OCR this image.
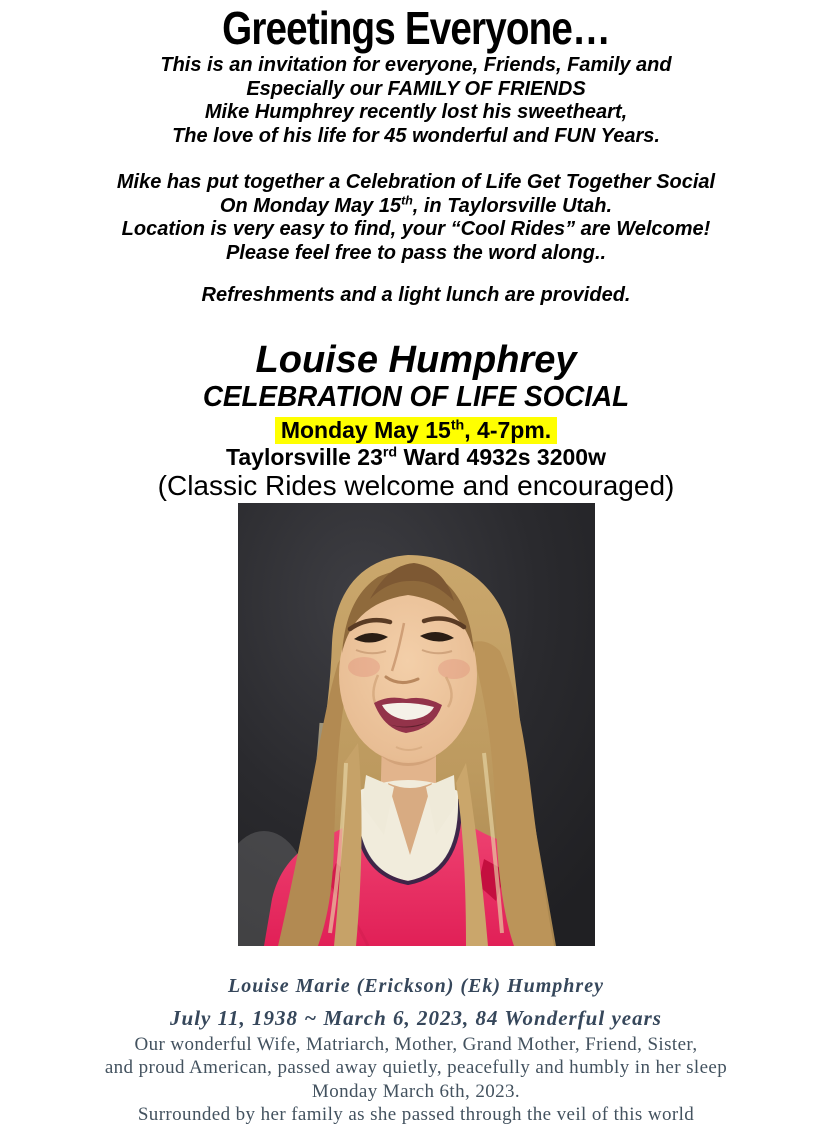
Greetings Everyone…

This is an invitation for everyone, Friends, Family and
Especially our FAMILY OF FRIENDS
Mike Humphrey recently lost his sweetheart,
The love of his life for 45 wonderful and FUN Years.

Mike has put together a Celebration of Life Get Together Social
On Monday May 15th, in Taylorsville Utah.
Location is very easy to find, your “Cool Rides” are Welcome!
Please feel free to pass the word along..

Refreshments and a light lunch are provided.

Louise Humphrey
CELEBRATION OF LIFE SOCIAL
Monday May 15th, 4-7pm.
Taylorsville 23rd Ward 4932s 3200w
(Classic Rides welcome and encouraged)

Louise Marie (Erickson) (Ek) Humphrey

July 11, 1938 ~ March 6, 2023, 84 Wonderful years

Our wonderful Wife, Matriarch, Mother, Grand Mother, Friend, Sister,
and proud American, passed away quietly, peacefully and humbly in her sleep
Monday March 6th, 2023.
Surrounded by her family as she passed through the veil of this world
